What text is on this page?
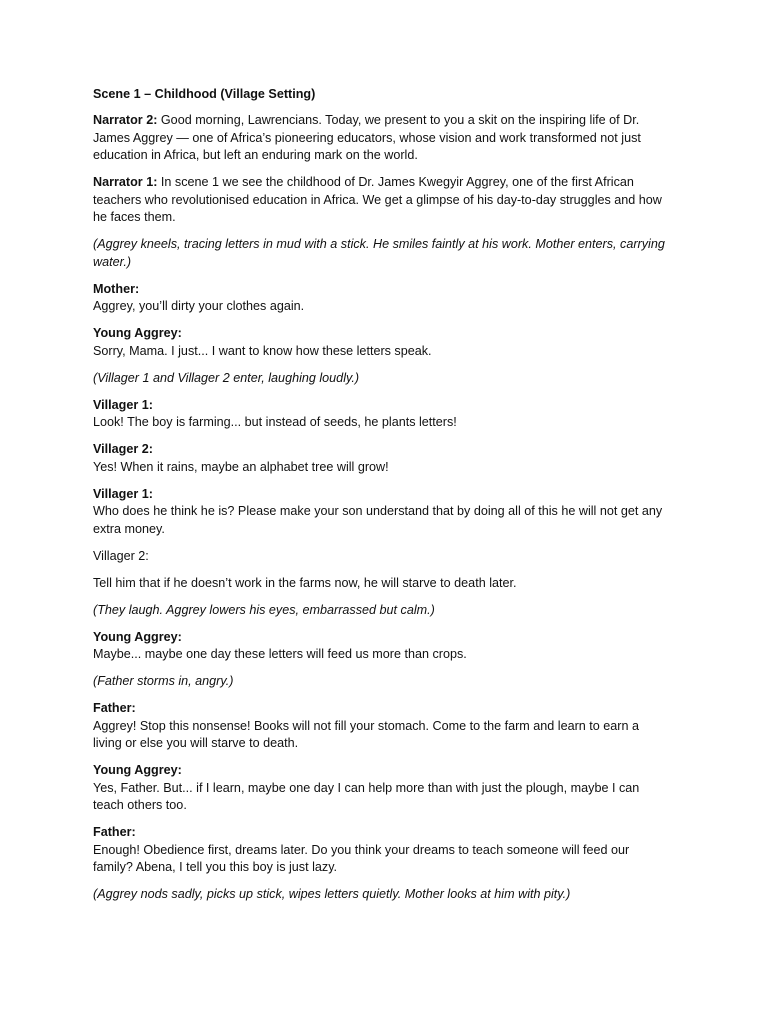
Scene 1 – Childhood (Village Setting)
Narrator 2: Good morning, Lawrencians. Today, we present to you a skit on the inspiring life of Dr. James Aggrey — one of Africa’s pioneering educators, whose vision and work transformed not just education in Africa, but left an enduring mark on the world.
Narrator 1: In scene 1 we see the childhood of Dr. James Kwegyir Aggrey, one of the first African teachers who revolutionised education in Africa. We get a glimpse of his day-to-day struggles and how he faces them.
(Aggrey kneels, tracing letters in mud with a stick. He smiles faintly at his work. Mother enters, carrying water.)
Mother:
Aggrey, you’ll dirty your clothes again.
Young Aggrey:
Sorry, Mama. I just... I want to know how these letters speak.
(Villager 1 and Villager 2 enter, laughing loudly.)
Villager 1:
Look! The boy is farming... but instead of seeds, he plants letters!
Villager 2:
Yes! When it rains, maybe an alphabet tree will grow!
Villager 1:
Who does he think he is? Please make your son understand that by doing all of this he will not get any extra money.
Villager 2:
Tell him that if he doesn’t work in the farms now, he will starve to death later.
(They laugh. Aggrey lowers his eyes, embarrassed but calm.)
Young Aggrey:
Maybe... maybe one day these letters will feed us more than crops.
(Father storms in, angry.)
Father:
Aggrey! Stop this nonsense! Books will not fill your stomach. Come to the farm and learn to earn a living or else you will starve to death.
Young Aggrey:
Yes, Father. But... if I learn, maybe one day I can help more than with just the plough, maybe I can teach others too.
Father:
Enough! Obedience first, dreams later. Do you think your dreams to teach someone will feed our family? Abena, I tell you this boy is just lazy.
(Aggrey nods sadly, picks up stick, wipes letters quietly. Mother looks at him with pity.)
